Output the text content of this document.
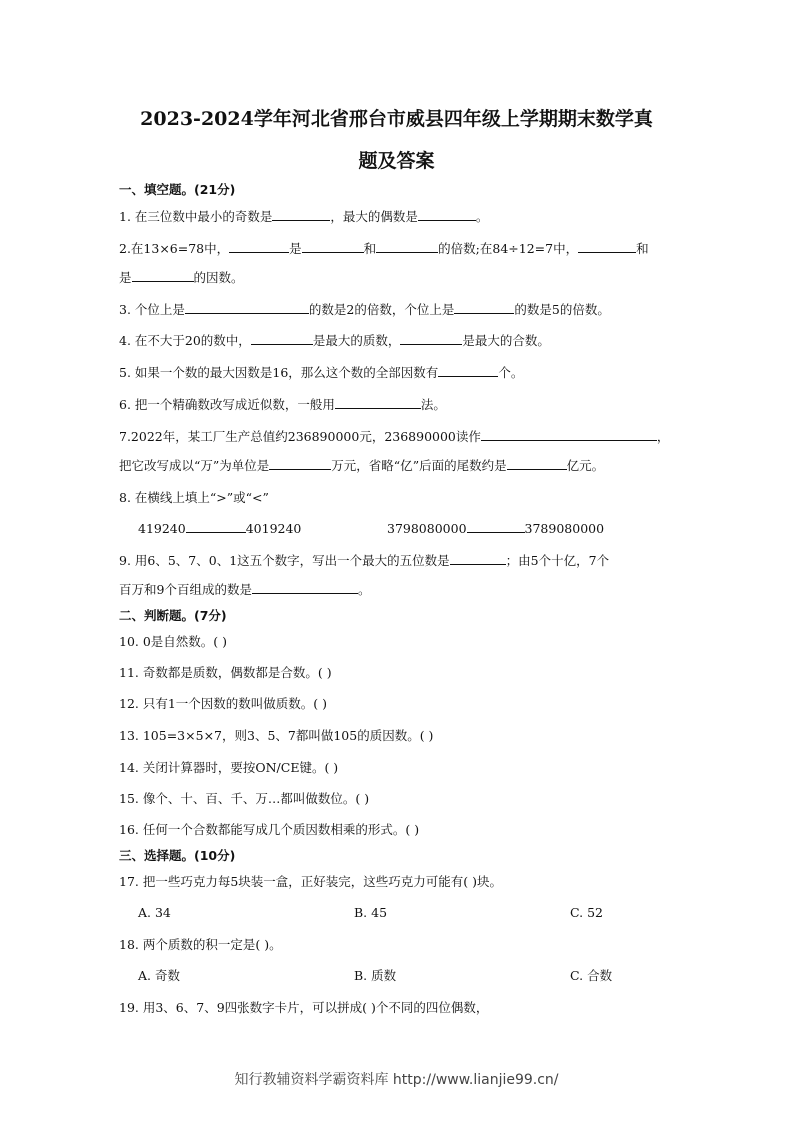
2023-2024学年河北省邢台市威县四年级上学期期末数学真
题及答案
一、填空题。(21分)
1. 在三位数中最小的奇数是	，最大的偶数是	。
2.在13×6=78中，	是	和	的倍数;在84÷12=7中，	和
是	的因数。
3. 个位上是	的数是2的倍数，个位上是	的数是5的倍数。
4. 在不大于20的数中，	是最大的质数，	是最大的合数。
5. 如果一个数的最大因数是16，那么这个数的全部因数有	个。
6. 把一个精确数改写成近似数，一般用	法。
7.2022年，某工厂生产总值约236890000元，236890000读作	，
把它改写成以“万”为单位是	万元，省略“亿”后面的尾数约是	亿元。
8. 在横线上填上“>”或“<”
419240	4019240	3798080000	3789080000
9. 用6、5、7、0、1这五个数字，写出一个最大的五位数是	；由5个十亿，7个
百万和9个百组成的数是	。
二、判断题。(7分)
10. 0是自然数。( )
11. 奇数都是质数，偶数都是合数。( )
12. 只有1一个因数的数叫做质数。( )
13. 105=3×5×7，则3、5、7都叫做105的质因数。( )
14. 关闭计算器时，要按ON/CE键。( )
15. 像个、十、百、千、万…都叫做数位。( )
16. 任何一个合数都能写成几个质因数相乘的形式。( )
三、选择题。(10分)
17. 把一些巧克力每5块装一盒，正好装完，这些巧克力可能有( )块。
A. 34	B. 45	C. 52
18. 两个质数的积一定是( )。
A. 奇数	B. 质数	C. 合数
19. 用3、6、7、9四张数字卡片，可以拼成( )个不同的四位偶数，
知行教辅资料学霸资料库 http://www.lianjie99.cn/
